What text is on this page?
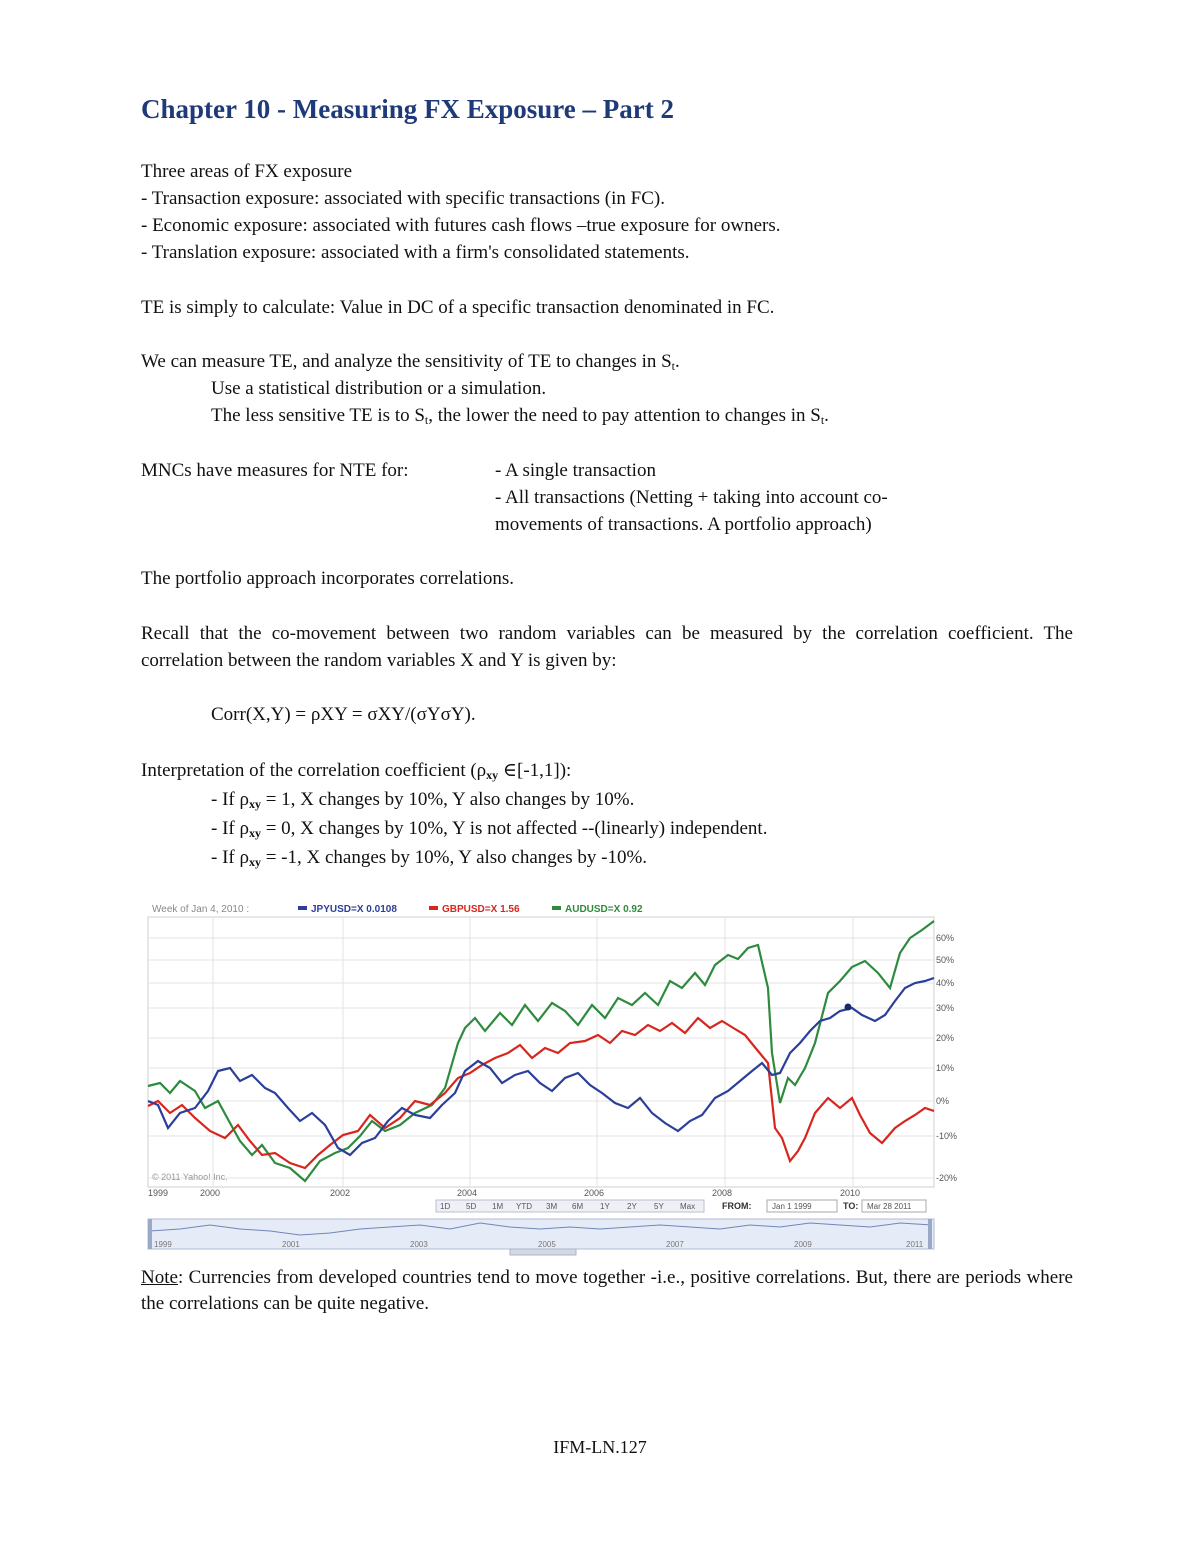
Chapter 10 - Measuring FX Exposure – Part 2
Three areas of FX exposure
- Transaction exposure: associated with specific transactions (in FC).
- Economic exposure: associated with futures cash flows –true exposure for owners.
- Translation exposure: associated with a firm's consolidated statements.
TE is simply to calculate: Value in DC of a specific transaction denominated in FC.
We can measure TE, and analyze the sensitivity of TE to changes in $S_t$.
Use a statistical distribution or a simulation.
The less sensitive TE is to $S_t$, the lower the need to pay attention to changes in $S_t$.
MNCs have measures for NTE for:	- A single transaction
- All transactions (Netting + taking into account co-
movements of transactions. A portfolio approach)
The portfolio approach incorporates correlations.
Recall that the co-movement between two random variables can be measured by the correlation coefficient. The correlation between the random variables X and Y is given by:
Corr(X,Y) = ρXY = σXY/(σYσY).
Interpretation of the correlation coefficient ($\rho_{xy}$ ∈[-1,1]):
- If $\rho_{xy} = 1$, X changes by 10%, Y also changes by 10%.
- If $\rho_{xy} = 0$, X changes by 10%, Y is not affected --(linearly) independent.
- If $\rho_{xy} = -1$, X changes by 10%, Y also changes by -10%.
Week of Jan 4, 2010 :	JPYUSD=X 0.0108	GBPUSD=X 1.56	AUDUSD=X 0.92
© 2011 Yahoo! Inc.
60%
50%
40%
30%
20%
10%
0%
-10%
-20%
1999	2000	2002	2004	2006	2008	2010
1D 5D 1M YTD 3M 6M 1Y 2Y 5Y Max	FROM:	Jan 1 1999	TO: Mar 28 2011
1999	2001	2003	2005	2007	2009	2011
Note: Currencies from developed countries tend to move together -i.e., positive correlations. But, there are periods where the correlations can be quite negative.
IFM-LN.127
